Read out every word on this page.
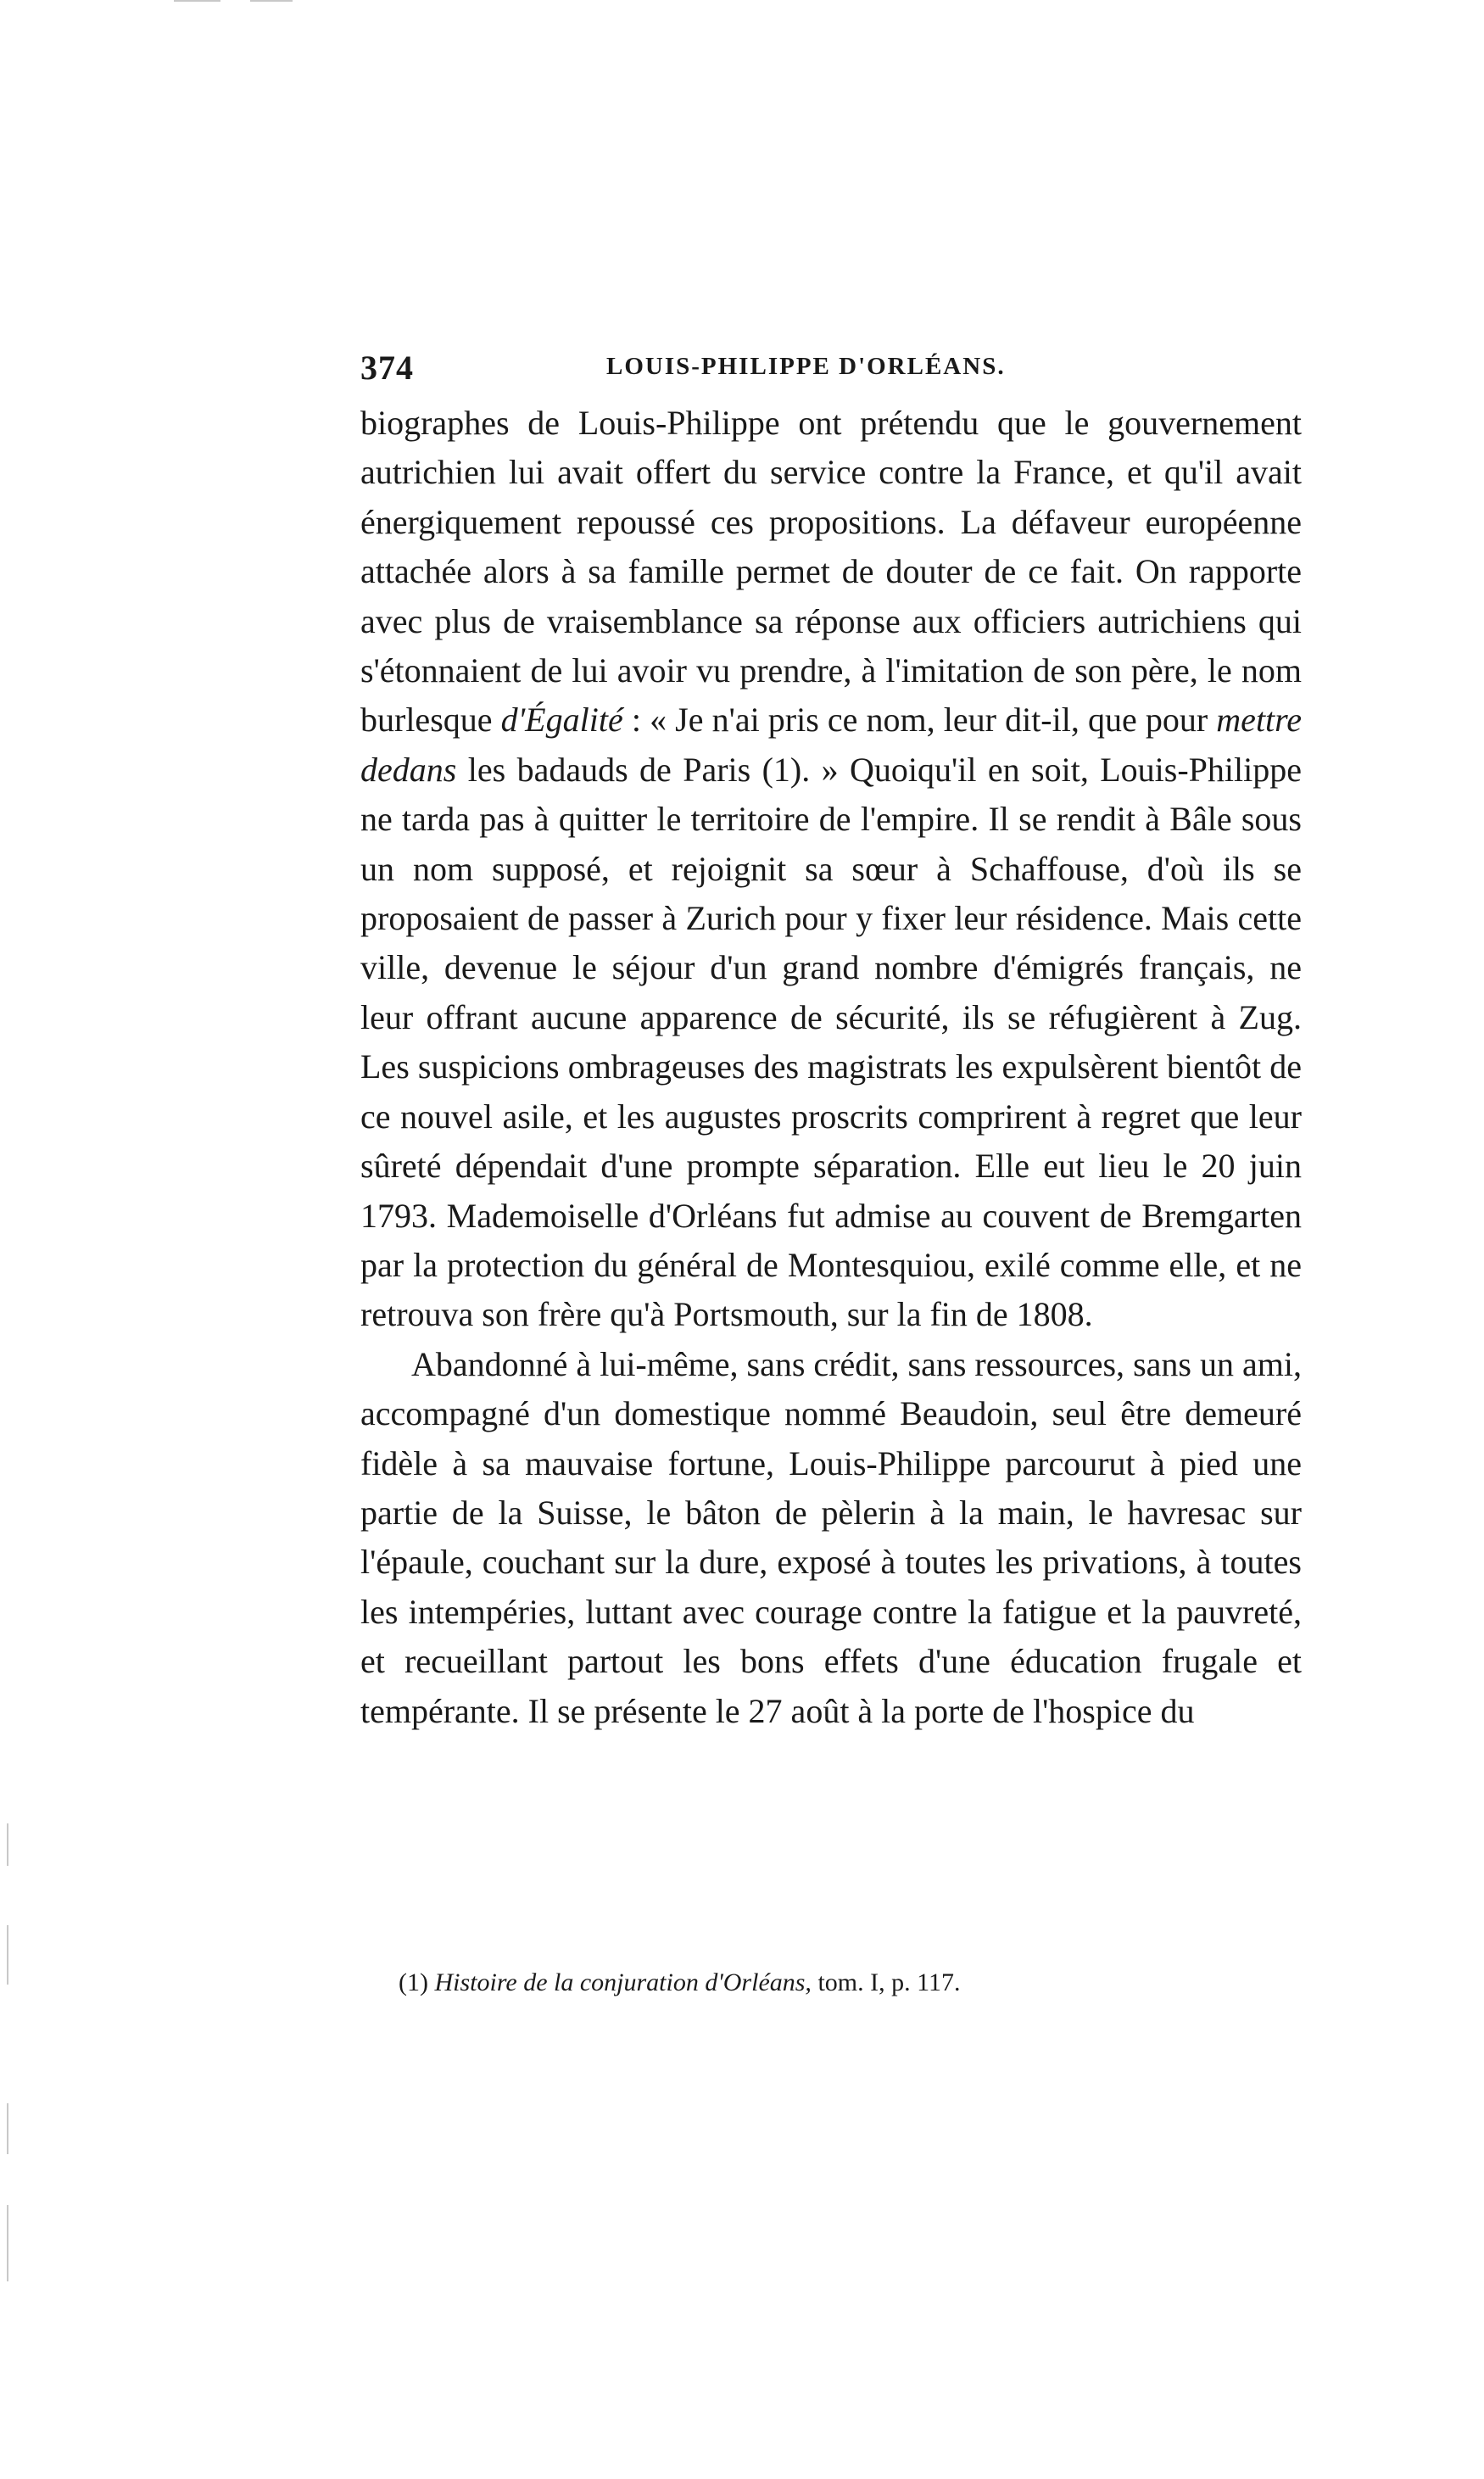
374	LOUIS-PHILIPPE D'ORLÉANS.

biographes de Louis-Philippe ont prétendu que le gouvernement autrichien lui avait offert du service contre la France, et qu'il avait énergiquement repoussé ces propositions. La défaveur européenne attachée alors à sa famille permet de douter de ce fait. On rapporte avec plus de vraisemblance sa réponse aux officiers autrichiens qui s'étonnaient de lui avoir vu prendre, à l'imitation de son père, le nom burlesque d'Égalité : « Je n'ai pris ce nom, leur dit-il, que pour mettre dedans les badauds de Paris (1). » Quoiqu'il en soit, Louis-Philippe ne tarda pas à quitter le territoire de l'empire. Il se rendit à Bâle sous un nom supposé, et rejoignit sa sœur à Schaffouse, d'où ils se proposaient de passer à Zurich pour y fixer leur résidence. Mais cette ville, devenue le séjour d'un grand nombre d'émigrés français, ne leur offrant aucune apparence de sécurité, ils se réfugièrent à Zug. Les suspicions ombrageuses des magistrats les expulsèrent bientôt de ce nouvel asile, et les augustes proscrits comprirent à regret que leur sûreté dépendait d'une prompte séparation. Elle eut lieu le 20 juin 1793. Mademoiselle d'Orléans fut admise au couvent de Bremgarten par la protection du général de Montesquiou, exilé comme elle, et ne retrouva son frère qu'à Portsmouth, sur la fin de 1808.

Abandonné à lui-même, sans crédit, sans ressources, sans un ami, accompagné d'un domestique nommé Beaudoin, seul être demeuré fidèle à sa mauvaise fortune, Louis-Philippe parcourut à pied une partie de la Suisse, le bâton de pèlerin à la main, le havresac sur l'épaule, couchant sur la dure, exposé à toutes les privations, à toutes les intempéries, luttant avec courage contre la fatigue et la pauvreté, et recueillant partout les bons effets d'une éducation frugale et tempérante. Il se présente le 27 août à la porte de l'hospice du

(1) Histoire de la conjuration d'Orléans, tom. I, p. 117.
